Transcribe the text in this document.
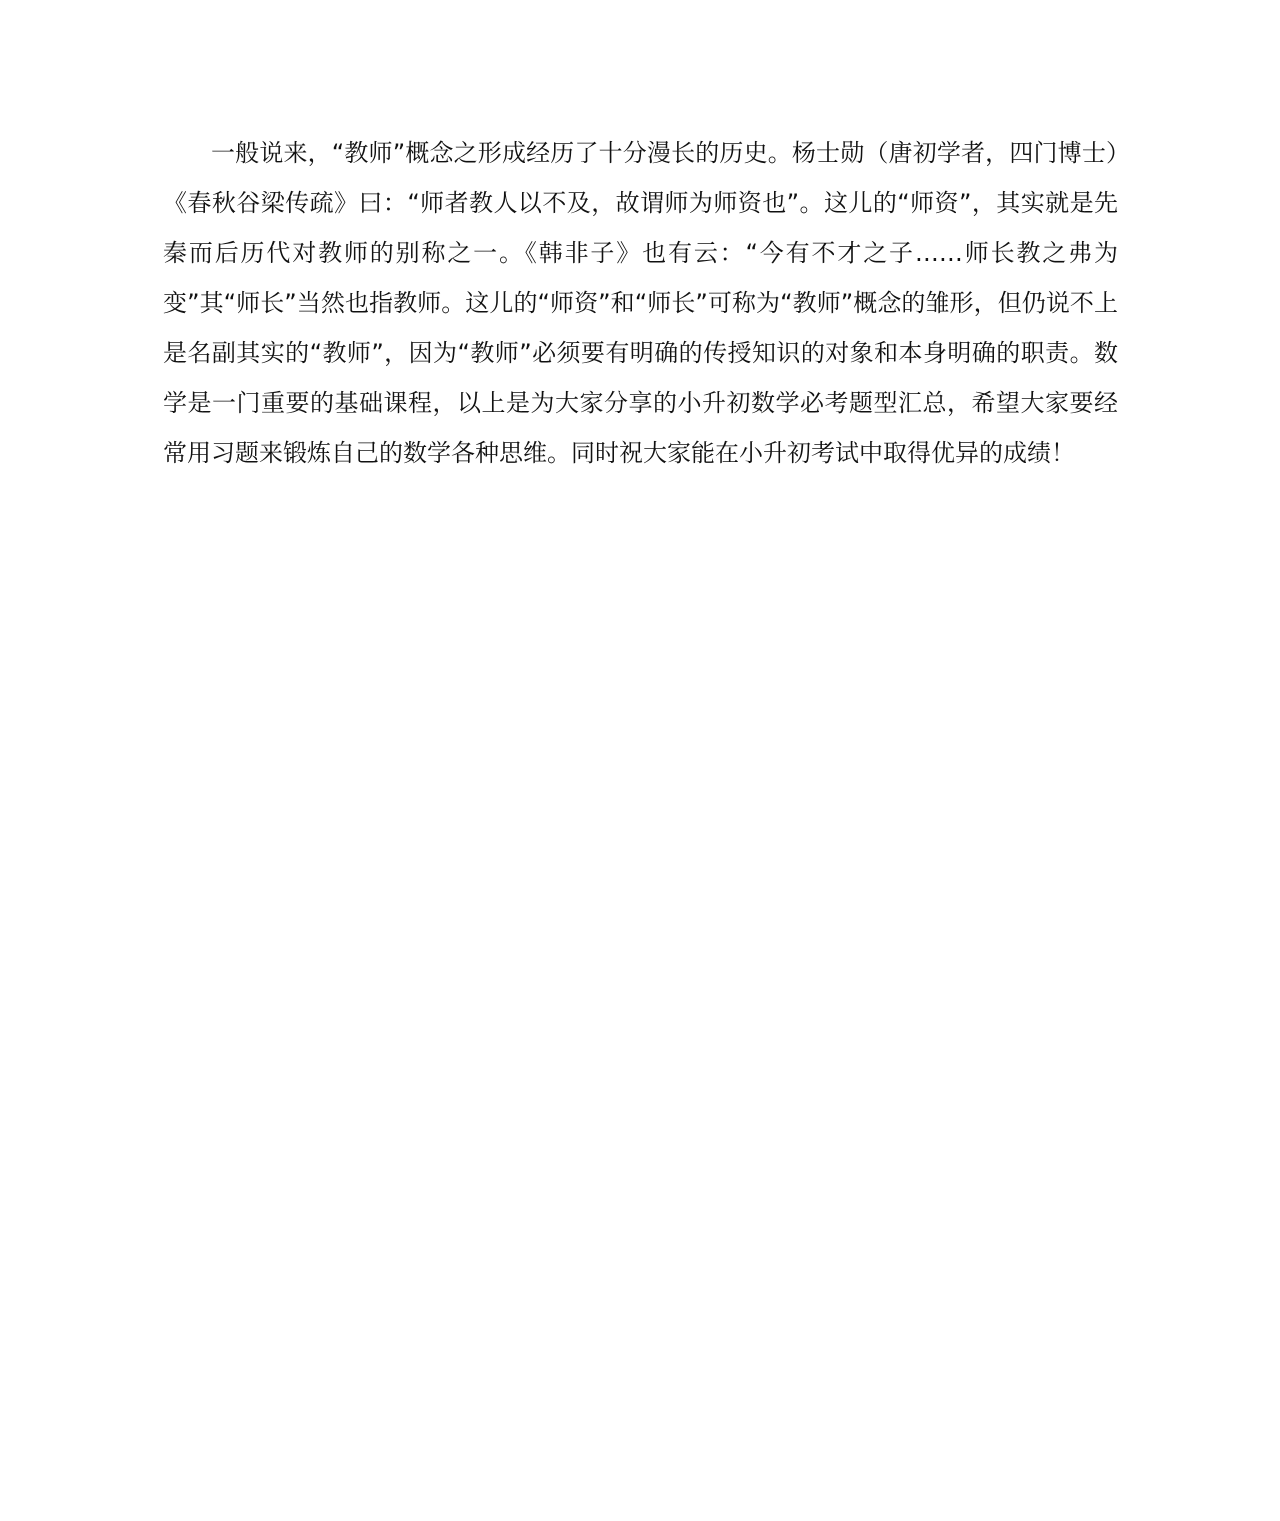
一般说来，“教师”概念之形成经历了十分漫长的历史。杨士勋（唐初学者，四门博士）《春秋谷梁传疏》曰：“师者教人以不及，故谓师为师资也”。这儿的“师资”，其实就是先秦而后历代对教师的别称之一。《韩非子》也有云：“今有不才之子……师长教之弗为变”其“师长”当然也指教师。这儿的“师资”和“师长”可称为“教师”概念的雏形，但仍说不上是名副其实的“教师”，因为“教师”必须要有明确的传授知识的对象和本身明确的职责。数学是一门重要的基础课程，以上是为大家分享的小升初数学必考题型汇总，希望大家要经常用习题来锻炼自己的数学各种思维。同时祝大家能在小升初考试中取得优异的成绩！
